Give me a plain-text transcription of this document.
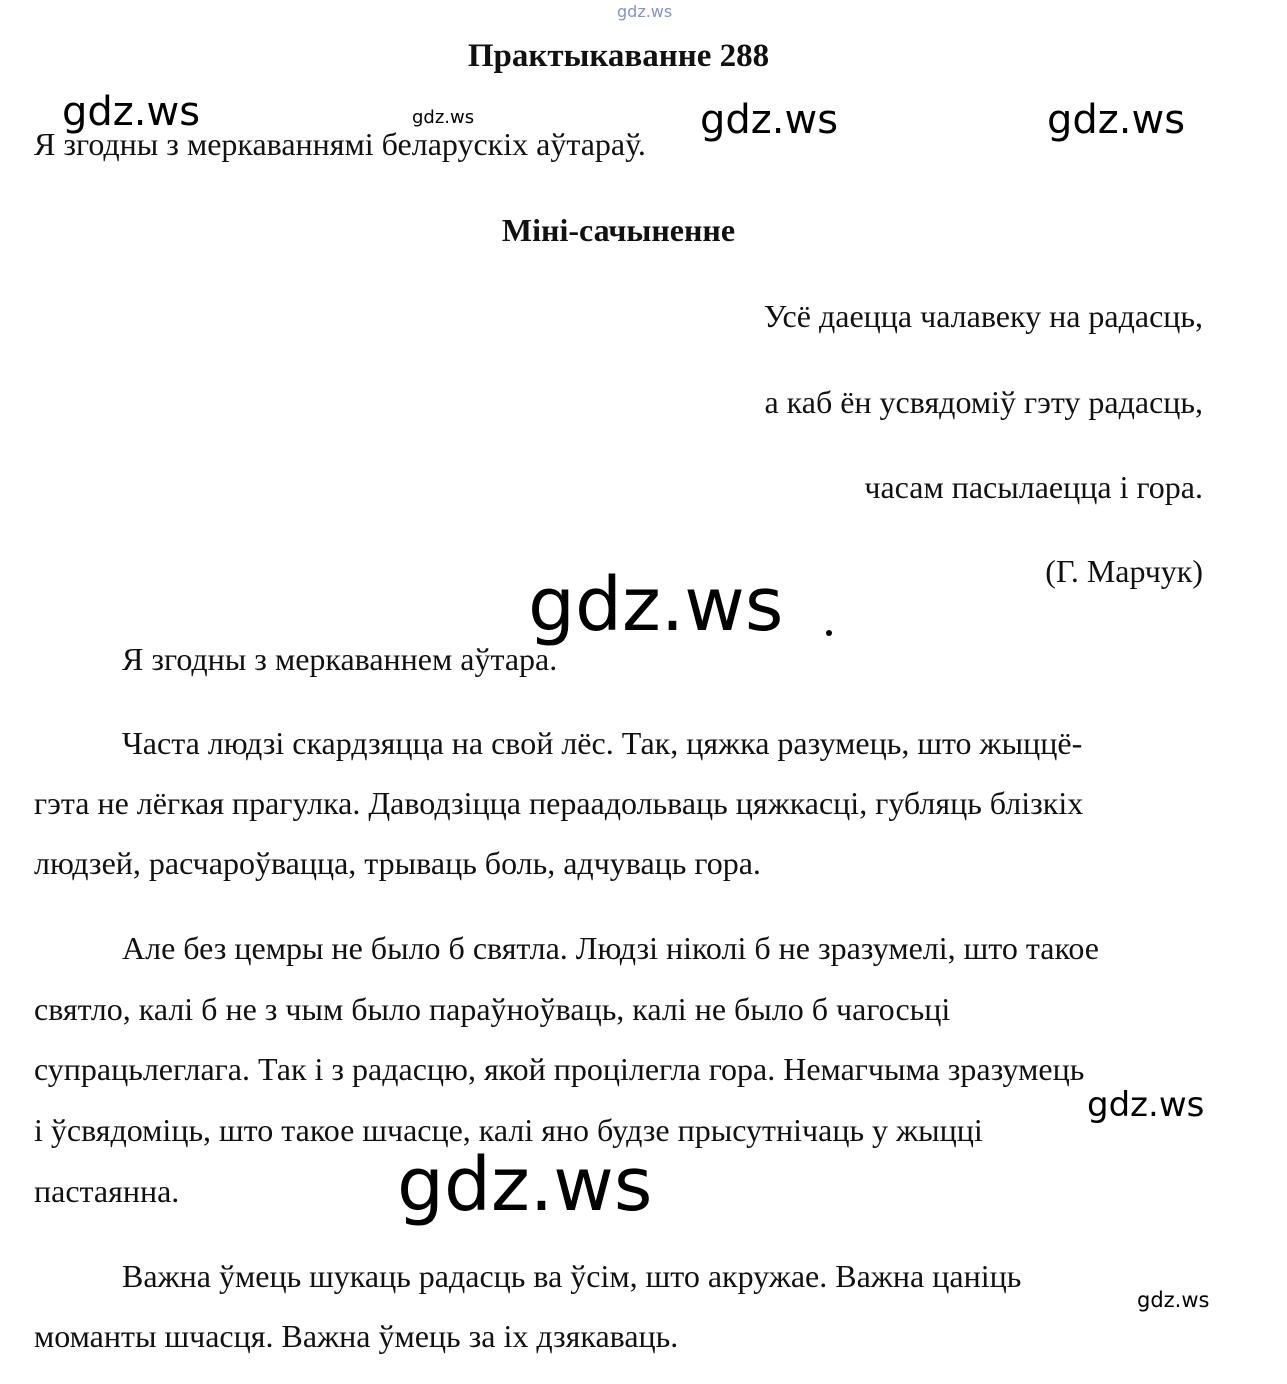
gdz.ws
Практыкаванне 288
Я згодны з меркаваннямі беларускіх аўтараў.
gdz.ws	gdz.ws	gdz.ws	gdz.ws
Міні-сачыненне
Усё даецца чалавеку на радасць,
а каб ён усвядоміў гэту радасць,
часам пасылаецца і гора.
(Г. Марчук)
gdz.ws
Я згодны з меркаваннем аўтара.
Часта людзі скардзяцца на свой лёс. Так, цяжка разумець, што жыццё-
гэта не лёгкая прагулка. Даводзіцца пераадольваць цяжкасці, губляць блізкіх
людзей, расчароўвацца, трываць боль, адчуваць гора.
Але без цемры не было б святла. Людзі ніколі б не зразумелі, што такое
святло, калі б не з чым было параўноўваць, калі не было б чагосьці
супрацьлеглага. Так і з радасцю, якой процілегла гора. Немагчыма зразумець
і ўсвядоміць, што такое шчасце, калі яно будзе прысутнічаць у жыцці
пастаянна.
gdz.ws
gdz.ws
Важна ўмець шукаць радасць ва ўсім, што акружае. Важна цаніць
моманты шчасця. Важна ўмець за іх дзякаваць.
gdz.ws
